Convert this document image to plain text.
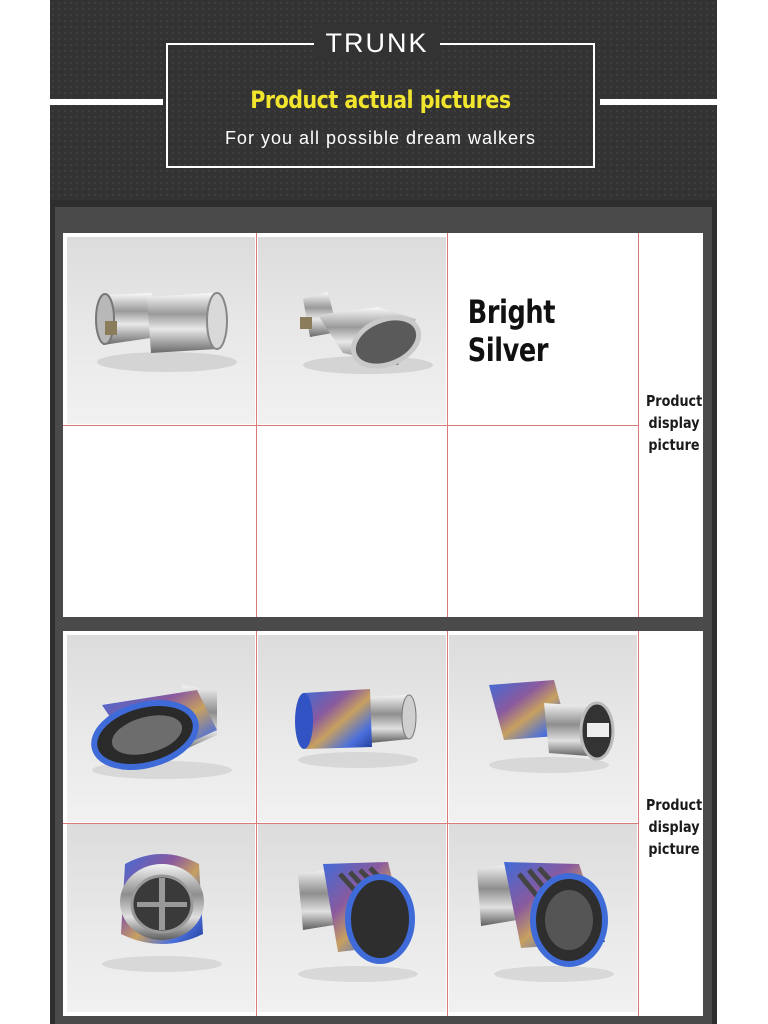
TRUNK
Product actual pictures
For you all possible dream walkers
Bright Silver
Product
display
picture
Product
display
picture
